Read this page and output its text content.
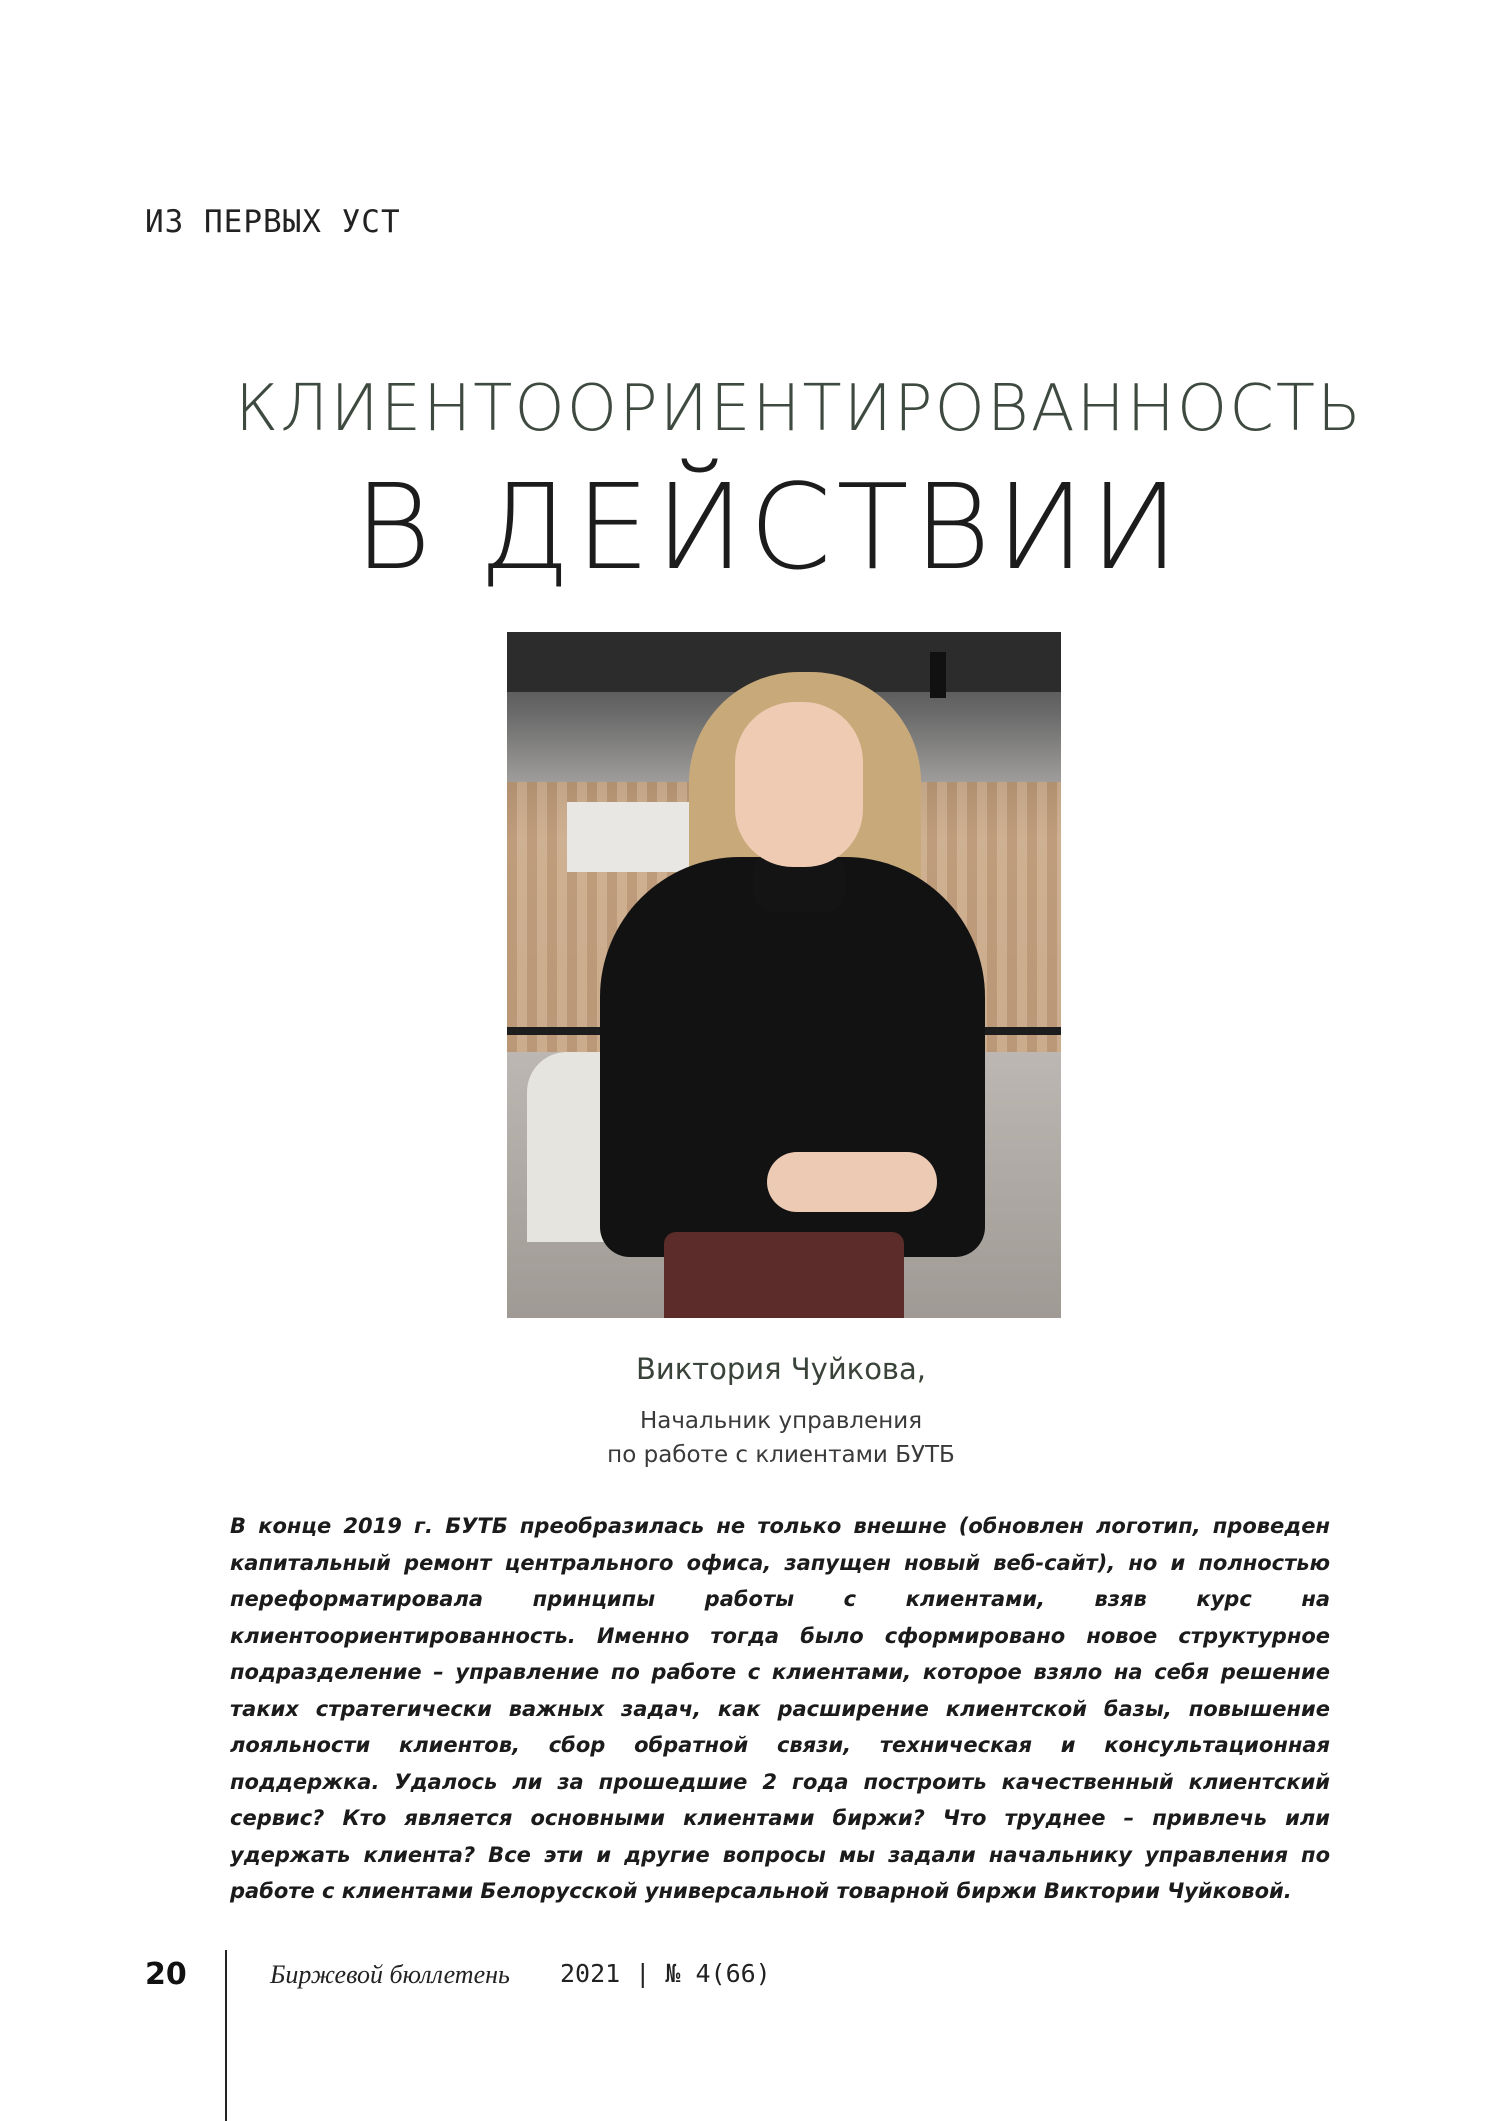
ИЗ ПЕРВЫХ УСТ
КЛИЕНТООРИЕНТИРОВАННОСТЬ
В ДЕЙСТВИИ
Виктория Чуйкова,
Начальник управления
по работе с клиентами БУТБ

В конце 2019 г. БУТБ преобразилась не только внешне (обновлен логотип, проведен капитальный ремонт центрального офиса, запущен новый веб-сайт), но и полностью переформатировала принципы работы с клиентами, взяв курс на клиентоориентированность. Именно тогда было сформировано новое структурное подразделение – управление по работе с клиентами, которое взяло на себя решение таких стратегически важных задач, как расширение клиентской базы, повышение лояльности клиентов, сбор обратной связи, техническая и консультационная поддержка. Удалось ли за прошедшие 2 года построить качественный клиентский сервис? Кто является основными клиентами биржи? Что труднее – привлечь или удержать клиента? Все эти и другие вопросы мы задали начальнику управления по работе с клиентами Белорусской универсальной товарной биржи Виктории Чуйковой.

20	Биржевой бюллетень 2021 | № 4(66)
